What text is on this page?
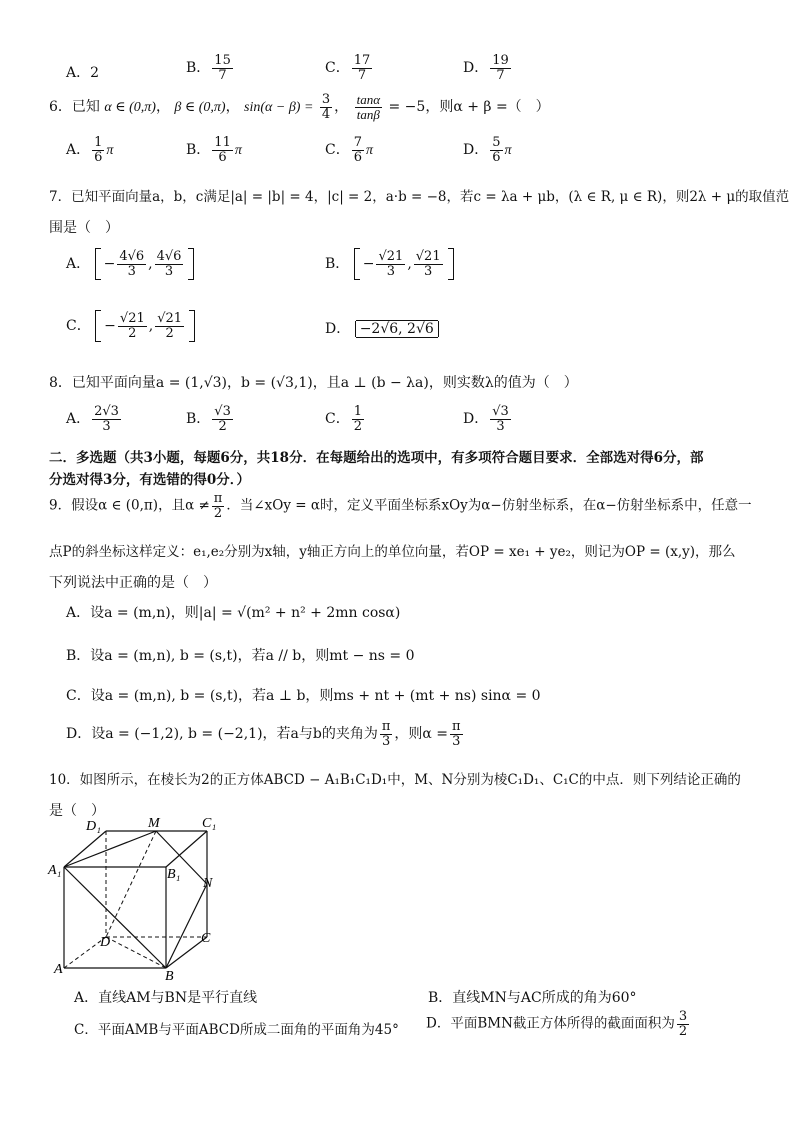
A．2	B． $\frac{15}{7}$	C． $\frac{17}{7}$	D． $\frac{19}{7}$
6．已知 α ∈ (0,π)， β ∈ (0,π)， $\sin(\alpha - \beta) = \frac{3}{4}$ ， $\frac{\tan\alpha}{\tan\beta} = -5$，则α + β =（　）
A． $\frac{1}{6}$ π	B． $\frac{11}{6}$ π	C． $\frac{7}{6}$ π	D． $\frac{5}{6}$ π
7．已知平面向量a，b，c满足|a| = |b| = 4，|c| = 2，a·b = −8，若c = λa + μb，(λ ∈ R, μ ∈ R)，则2λ + μ的取值范
围是（　）
A． − $\frac{4√6}{3}$ , $\frac{4√6}{3}$	B． − $\frac{√21}{3}$ , $\frac{√21}{3}$
C． − $\frac{√21}{2}$ , $\frac{√21}{2}$	D． −2√6, 2√6
8．已知平面向量a = (1,√3)，b = (√3,1)，且a ⊥ (b − λa)，则实数λ的值为（　）
A． $\frac{2√3}{3}$	B． $\frac{√3}{2}$	C． $\frac{1}{2}$	D． $\frac{√3}{3}$
二．多选题（共3小题，每题6分，共18分．在每题给出的选项中，有多项符合题目要求．全部选对得6分，部
分选对得3分，有选错的得0分．）
9．假设α ∈ (0,π)，且$\alpha \ne \frac{\pi}{2}$ ．当∠xOy = α时，定义平面坐标系xOy为α−仿射坐标系，在α−仿射坐标系中，任意一
点P的斜坐标这样定义：e₁,e₂分别为x轴，y轴正方向上的单位向量，若OP = xe₁ + ye₂，则记为OP = (x,y)，那么
下列说法中正确的是（　）
A．设a = (m,n)，则|a| = √(m² + n² + 2mn cosα)
B．设a = (m,n), b = (s,t)，若a // b，则mt − ns = 0
C．设a = (m,n), b = (s,t)，若a ⊥ b，则ms + nt + (mt + ns) sinα = 0
D．设a = (−1,2), b = (−2,1)，若a与b的夹角为 $\frac{\pi}{3}$ ，则$\alpha = \frac{\pi}{3}$
10．如图所示，在棱长为2的正方体ABCD − A₁B₁C₁D₁中，M、N分别为棱C₁D₁、C₁C的中点．则下列结论正确的
是（　）
D₁	M	C₁
A₁	B₁
N
D	C
A	B
A．直线AM与BN是平行直线	B．直线MN与AC所成的角为60°
C．平面AMB与平面ABCD所成二面角的平面角为45° D．平面BMN截正方体所得的截面面积为 $\frac{3}{2}$
